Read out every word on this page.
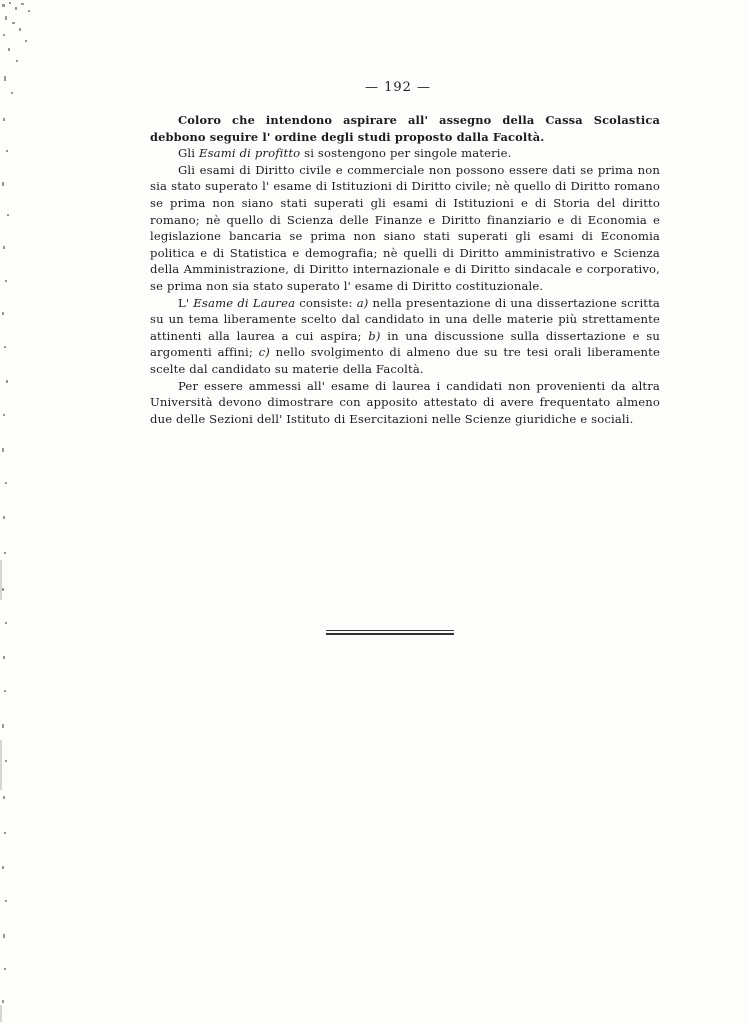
— 192 —

Coloro che intendono aspirare all' assegno della Cassa Scolastica debbono seguire l' ordine degli studi proposto dalla Facoltà.

Gli Esami di profitto si sostengono per singole materie.

Gli esami di Diritto civile e commerciale non possono essere dati se prima non sia stato superato l' esame di Istituzioni di Diritto civile; nè quello di Diritto romano se prima non siano stati superati gli esami di Istituzioni e di Storia del diritto romano; nè quello di Scienza delle Finanze e Diritto finanziario e di Economia e legislazione bancaria se prima non siano stati superati gli esami di Economia politica e di Statistica e demografia; nè quelli di Diritto amministrativo e Scienza della Amministrazione, di Diritto internazionale e di Diritto sindacale e corporativo, se prima non sia stato superato l' esame di Diritto costituzionale.

L' Esame di Laurea consiste: a) nella presentazione di una dissertazione scritta su un tema liberamente scelto dal candidato in una delle materie più strettamente attinenti alla laurea a cui aspira; b) in una discussione sulla dissertazione e su argomenti affini; c) nello svolgimento di almeno due su tre tesi orali liberamente scelte dal candidato su materie della Facoltà.

Per essere ammessi all' esame di laurea i candidati non provenienti da altra Università devono dimostrare con apposito attestato di avere frequentato almeno due delle Sezioni dell' Istituto di Esercitazioni nelle Scienze giuridiche e sociali.
